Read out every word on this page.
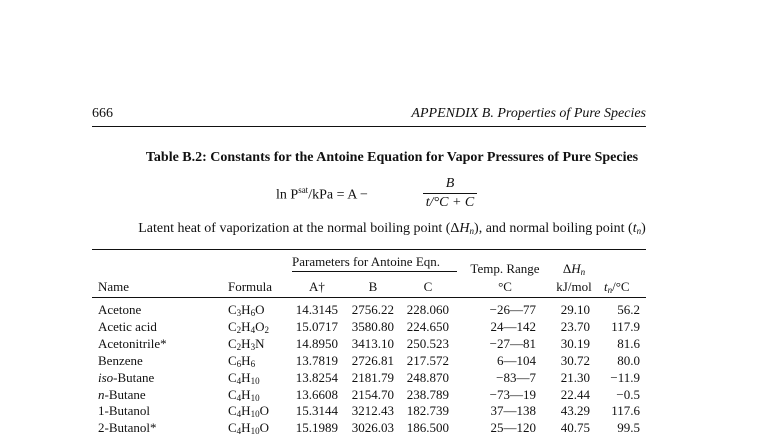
666	APPENDIX B. Properties of Pure Species
Table B.2: Constants for the Antoine Equation for Vapor Pressures of Pure Species
$\ln P^{sat}$/kPa = A −
B
t/°C + C
Latent heat of vaporization at the normal boiling point $(\Delta H_n)$, and normal boiling point $(t_n)$
Parameters for Antoine Eqn.
Name	Formula	A†	B	C
Temp. Range
°C
$\Delta H_n$
kJ/mol $t_n/^\circ C$
Acetone	$C_3H_6O$	14.3145	2756.22 228.060	−26—77	29.10	56.2
Acetic acid	$C_2H_4O_2$	15.0717	3580.80 224.650	24—142	23.70	117.9
Acetonitrile*	$C_2H_3N$	14.8950	3413.10 250.523	−27—81	30.19	81.6
Benzene	$C_6H_6$	13.7819	2726.81 217.572	6—104	30.72	80.0
iso-Butane	$C_4H_{10}$	13.8254	2181.79 248.870	−83—7	21.30	−11.9
n-Butane	$C_4H_{10}$	13.6608	2154.70 238.789	−73—19	22.44	−0.5
1-Butanol	$C_4H_{10}O$	15.3144	3212.43 182.739	37—138	43.29	117.6
2-Butanol*	$C_4H_{10}O$	15.1989	3026.03 186.500	25—120	40.75	99.5
